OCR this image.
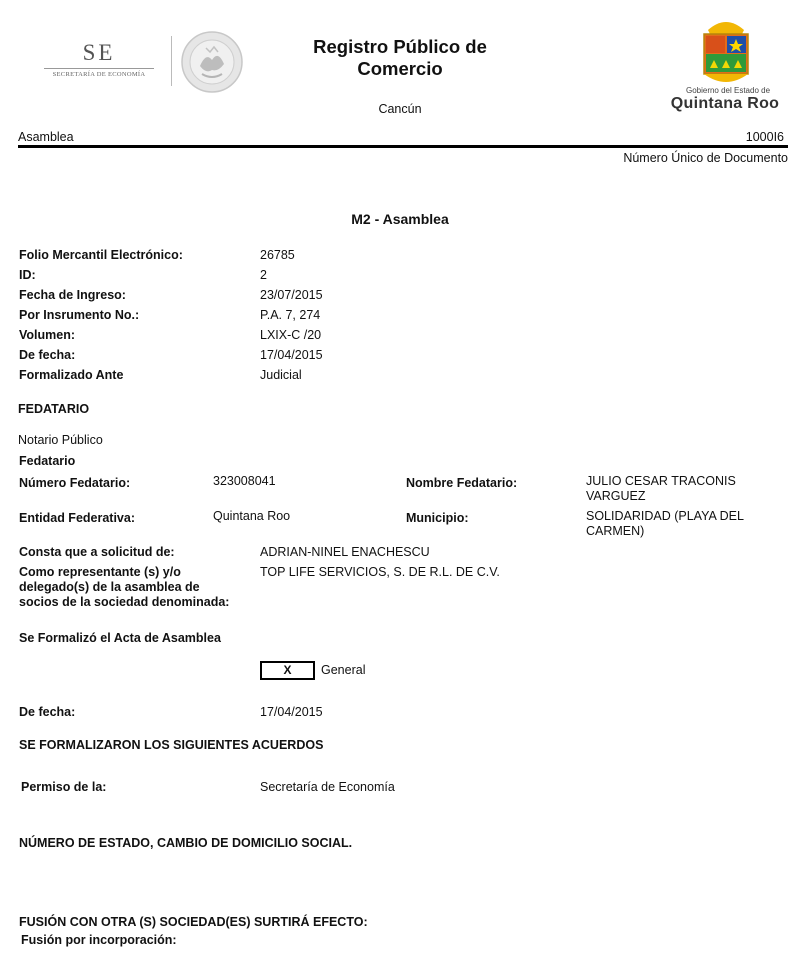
SE
SECRETARÍA DE ECONOMÍA
Registro Público de
Comercio
Cancún
Gobierno del Estado de
Quintana Roo
Asamblea	1000I6
Número Único de Documento
M2 - Asamblea
Folio Mercantil Electrónico:	26785
ID:	2
Fecha de Ingreso:	23/07/2015
Por Insrumento No.:	P.A. 7, 274
Volumen:	LXIX-C /20
De fecha:	17/04/2015
Formalizado Ante	Judicial
FEDATARIO
Notario Público
Fedatario
Número Fedatario:	323008041	Nombre Fedatario:	JULIO CESAR TRACONIS
VARGUEZ
Entidad Federativa:	Quintana Roo	Municipio:	SOLIDARIDAD (PLAYA DEL
CARMEN)
Consta que a solicitud de:	ADRIAN-NINEL ENACHESCU
Como representante (s) y/o
delegado(s) de la asamblea de
socios de la sociedad denominada:
TOP LIFE SERVICIOS, S. DE R.L. DE C.V.
Se Formalizó el Acta de Asamblea
X	General
De fecha:	17/04/2015
SE FORMALIZARON LOS SIGUIENTES ACUERDOS
Permiso de la:	Secretaría de Economía
NÚMERO DE ESTADO, CAMBIO DE DOMICILIO SOCIAL.
FUSIÓN CON OTRA (S) SOCIEDAD(ES) SURTIRÁ EFECTO:
Fusión por incorporación:
